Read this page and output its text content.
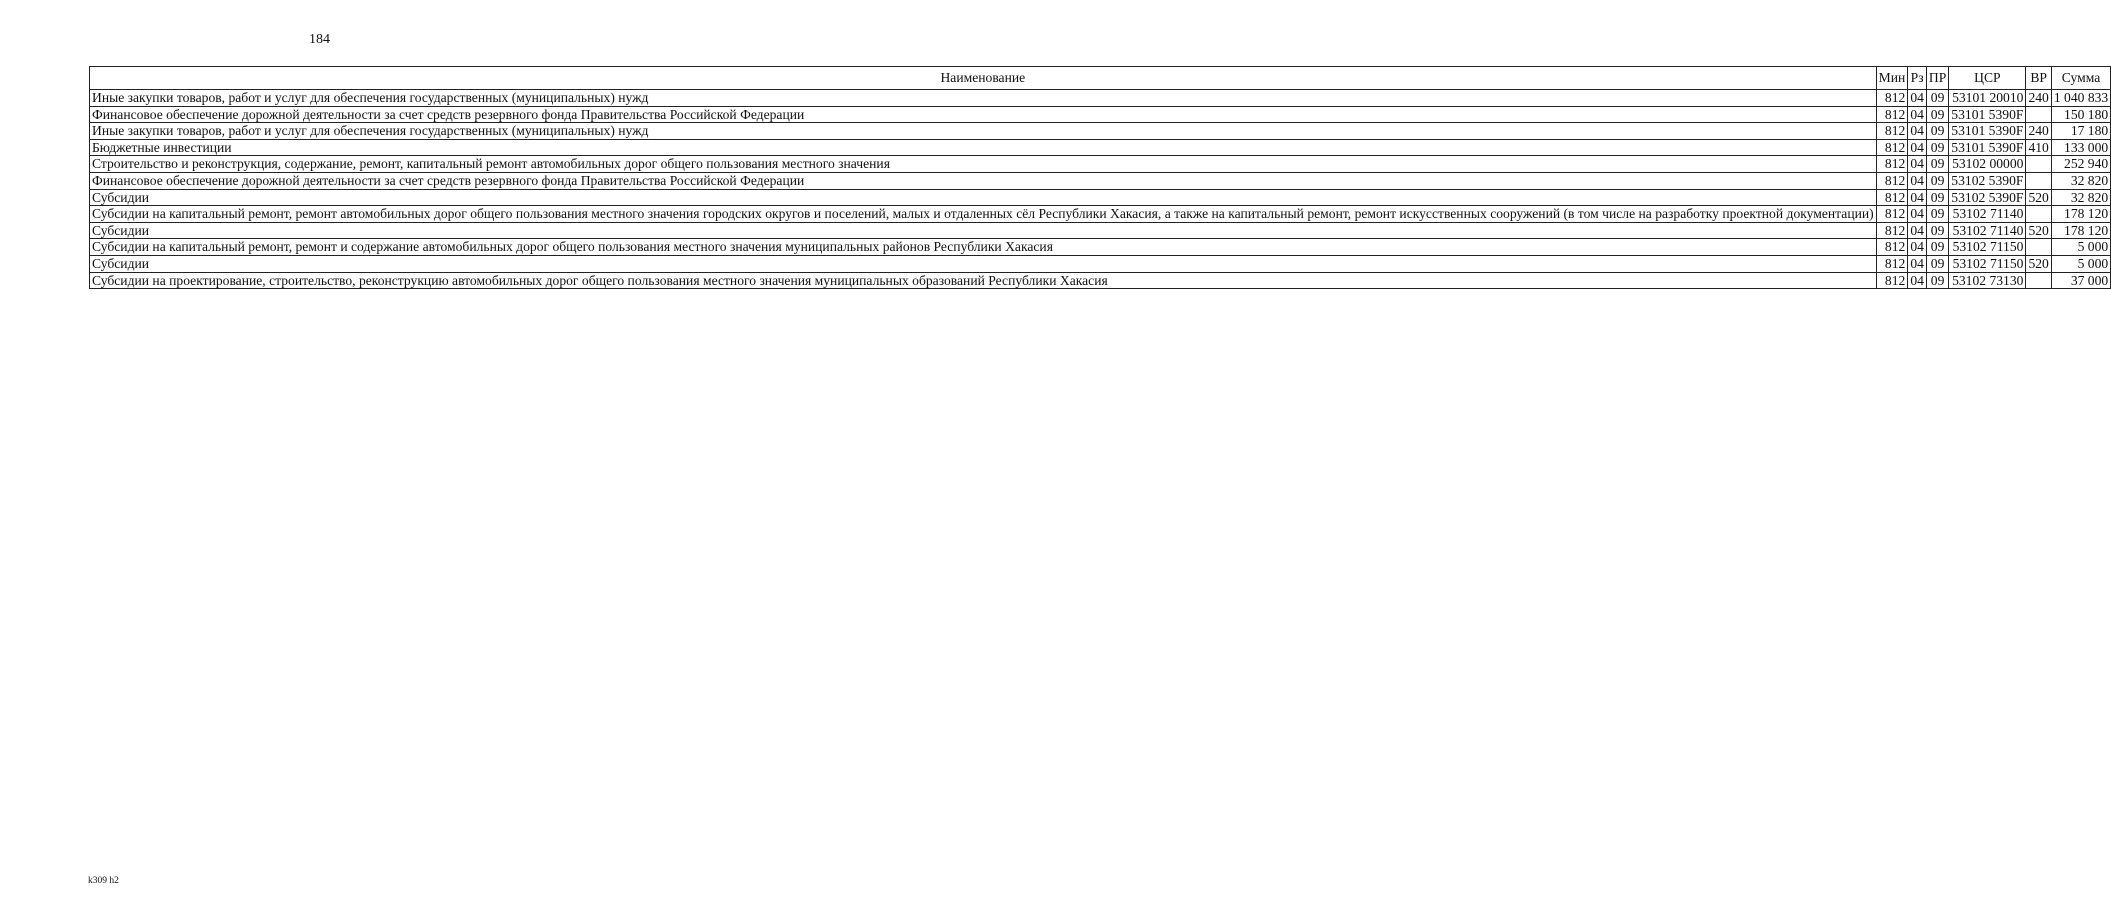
184
Наименование	Мин	Рз	ПР	ЦСР	ВР	Сумма
Иные закупки товаров, работ и услуг для обеспечения государственных (муниципальных) нужд	812	04	09	53101 20010	240	1 040 833
Финансовое обеспечение дорожной деятельности за счет средств резервного фонда Правительства Российской Федерации	812	04	09	53101 5390F		150 180
Иные закупки товаров, работ и услуг для обеспечения государственных (муниципальных) нужд	812	04	09	53101 5390F	240	17 180
Бюджетные инвестиции	812	04	09	53101 5390F	410	133 000
Строительство и реконструкция, содержание, ремонт, капитальный ремонт автомобильных дорог общего пользования местного значения	812	04	09	53102 00000		252 940
Финансовое обеспечение дорожной деятельности за счет средств резервного фонда Правительства Российской Федерации	812	04	09	53102 5390F		32 820
Субсидии	812	04	09	53102 5390F	520	32 820
Субсидии на капитальный ремонт, ремонт автомобильных дорог общего пользования местного значения городских округов и поселений, малых и отдаленных сёл Республики Хакасия, а также на капитальный ремонт, ремонт искусственных сооружений (в том числе на разработку проектной документации)	812	04	09	53102 71140		178 120
Субсидии	812	04	09	53102 71140	520	178 120
Субсидии на капитальный ремонт, ремонт и содержание автомобильных дорог общего пользования местного значения муниципальных районов Республики Хакасия	812	04	09	53102 71150		5 000
Субсидии	812	04	09	53102 71150	520	5 000
Субсидии на проектирование, строительство, реконструкцию автомобильных дорог общего пользования местного значения муниципальных образований Республики Хакасия	812	04	09	53102 73130		37 000
k309 h2
